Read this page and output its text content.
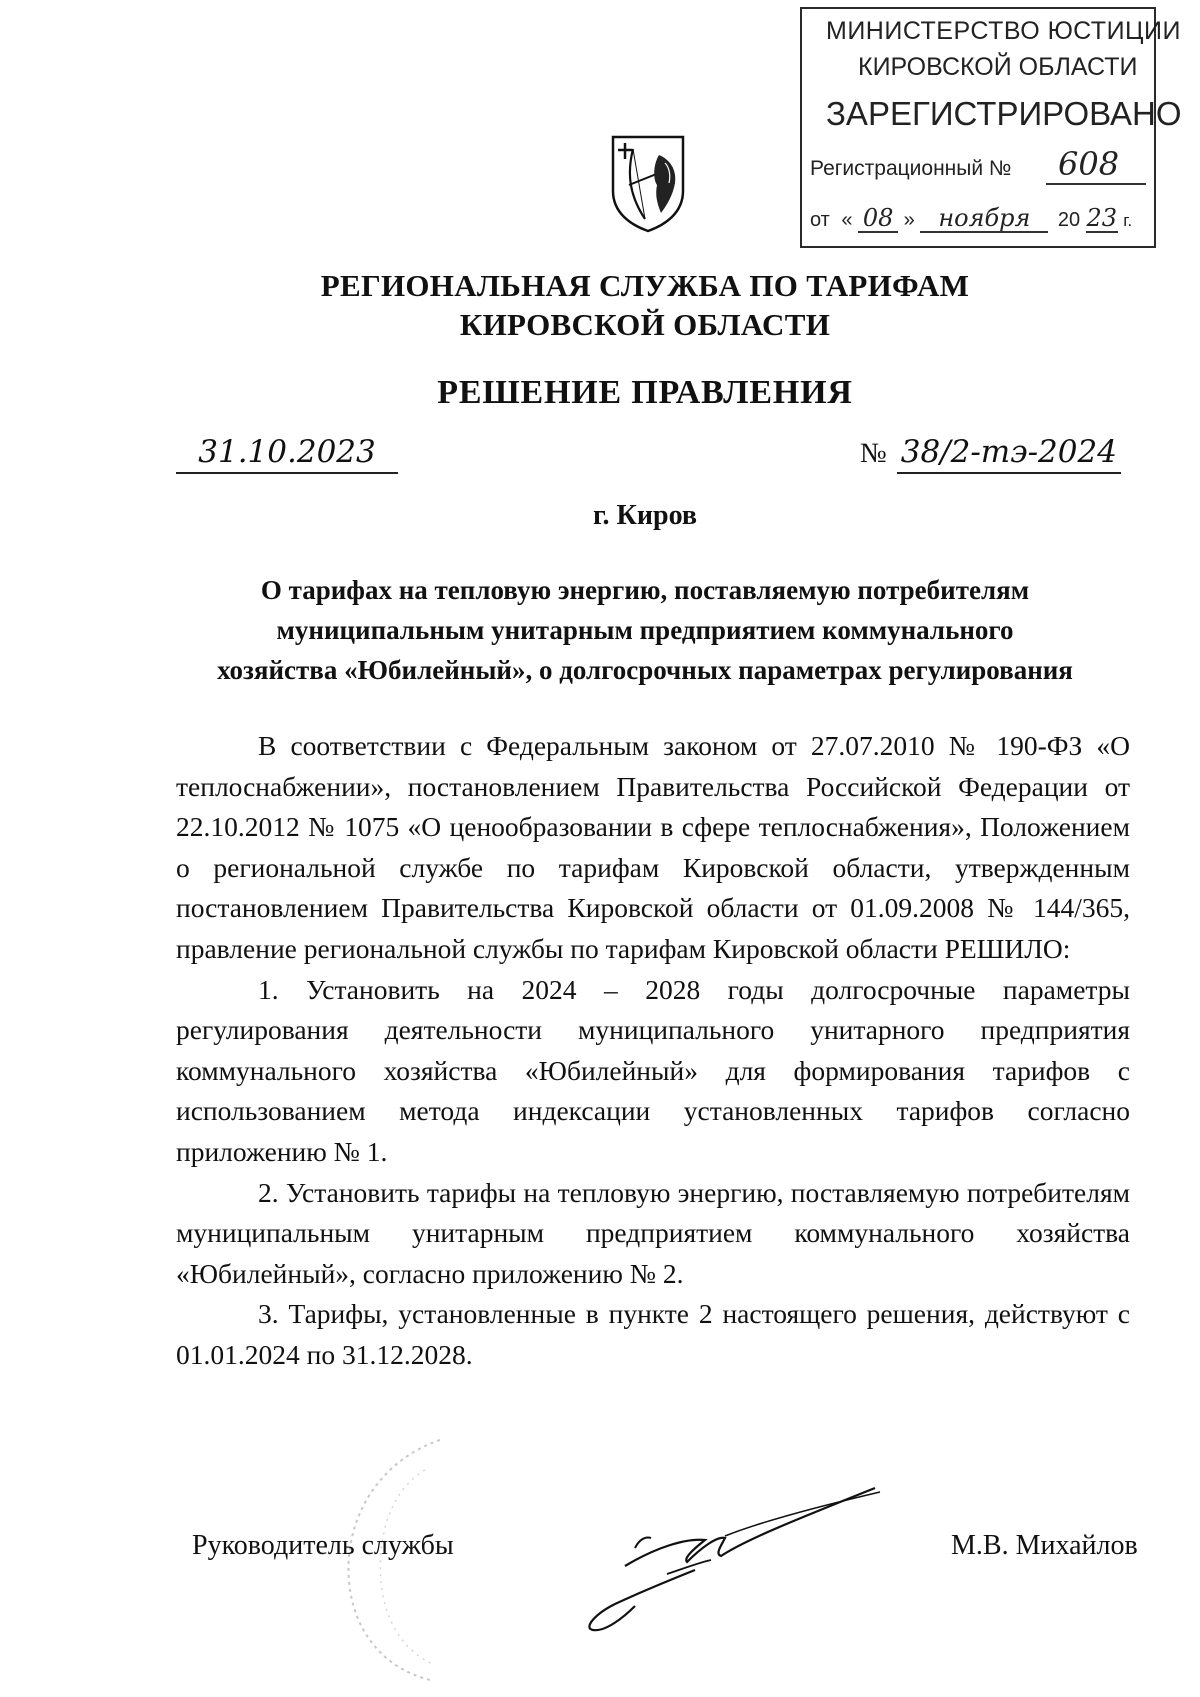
МИНИСТЕРСТВО ЮСТИЦИИ
КИРОВСКОЙ ОБЛАСТИ
ЗАРЕГИСТРИРОВАНО
Регистрационный №	608
от « 08 » ноября 20 23 г.
РЕГИОНАЛЬНАЯ СЛУЖБА ПО ТАРИФАМ
КИРОВСКОЙ ОБЛАСТИ
РЕШЕНИЕ ПРАВЛЕНИЯ
31.10.2023	№ 38/2-тэ-2024
г. Киров
О тарифах на тепловую энергию, поставляемую потребителям
муниципальным унитарным предприятием коммунального
хозяйства «Юбилейный», о долгосрочных параметрах регулирования

В соответствии с Федеральным законом от 27.07.2010 № 190-ФЗ «О теплоснабжении», постановлением Правительства Российской Федерации от 22.10.2012 № 1075 «О ценообразовании в сфере теплоснабжения», Положением о региональной службе по тарифам Кировской области, утвержденным постановлением Правительства Кировской области от 01.09.2008 № 144/365, правление региональной службы по тарифам Кировской области РЕШИЛО:

1. Установить на 2024 – 2028 годы долгосрочные параметры регулирования деятельности муниципального унитарного предприятия коммунального хозяйства «Юбилейный» для формирования тарифов с использованием метода индексации установленных тарифов согласно приложению № 1.

2. Установить тарифы на тепловую энергию, поставляемую потребителям муниципальным унитарным предприятием коммунального хозяйства «Юбилейный», согласно приложению № 2.

3. Тарифы, установленные в пункте 2 настоящего решения, действуют с 01.01.2024 по 31.12.2028.

Руководитель службы	М.В. Михайлов
